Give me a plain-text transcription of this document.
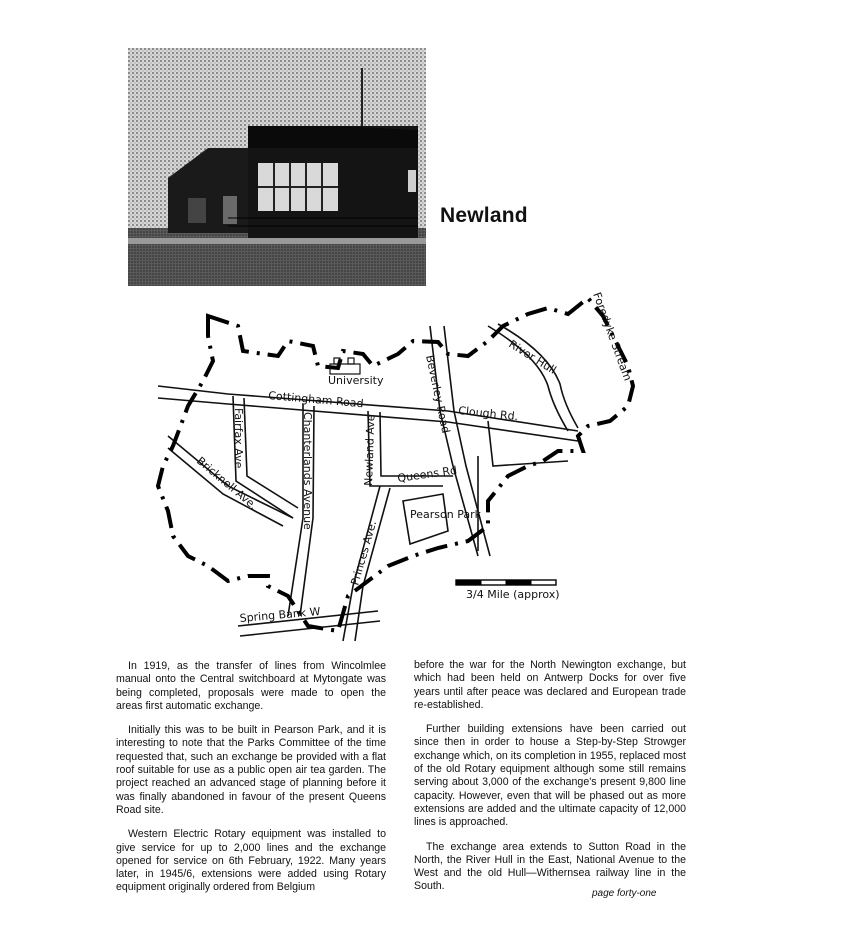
Newland
University
Cottingham Road
Clough Rd.
Beverley Road
Fairfax Ave	Chanterlands Avenue	Newland Ave Queens Rd
Pearson Park
Bricknell Ave.
Princes Ave.
Spring Bank W
River Hull	Foredyke Stream
3/4 Mile (approx)

In 1919, as the transfer of lines from Wincolmlee manual onto the Central switchboard at Mytongate was being completed, proposals were made to open the areas first automatic exchange.

Initially this was to be built in Pearson Park, and it is interesting to note that the Parks Committee of the time requested that, such an exchange be provided with a flat roof suitable for use as a public open air tea garden. The project reached an advanced stage of planning before it was finally abandoned in favour of the present Queens Road site.

Western Electric Rotary equipment was installed to give service for up to 2,000 lines and the exchange opened for service on 6th February, 1922. Many years later, in 1945/6, extensions were added using Rotary equipment originally ordered from Belgium

before the war for the North Newington exchange, but which had been held on Antwerp Docks for over five years until after peace was declared and European trade re-established.

Further building extensions have been carried out since then in order to house a Step-by-Step Strowger exchange which, on its completion in 1955, replaced most of the old Rotary equipment although some still remains serving about 3,000 of the exchange's present 9,800 line capacity. However, even that will be phased out as more extensions are added and the ultimate capacity of 12,000 lines is approached.

The exchange area extends to Sutton Road in the North, the River Hull in the East, National Avenue to the West and the old Hull—Withernsea railway line in the South.

page forty-one
